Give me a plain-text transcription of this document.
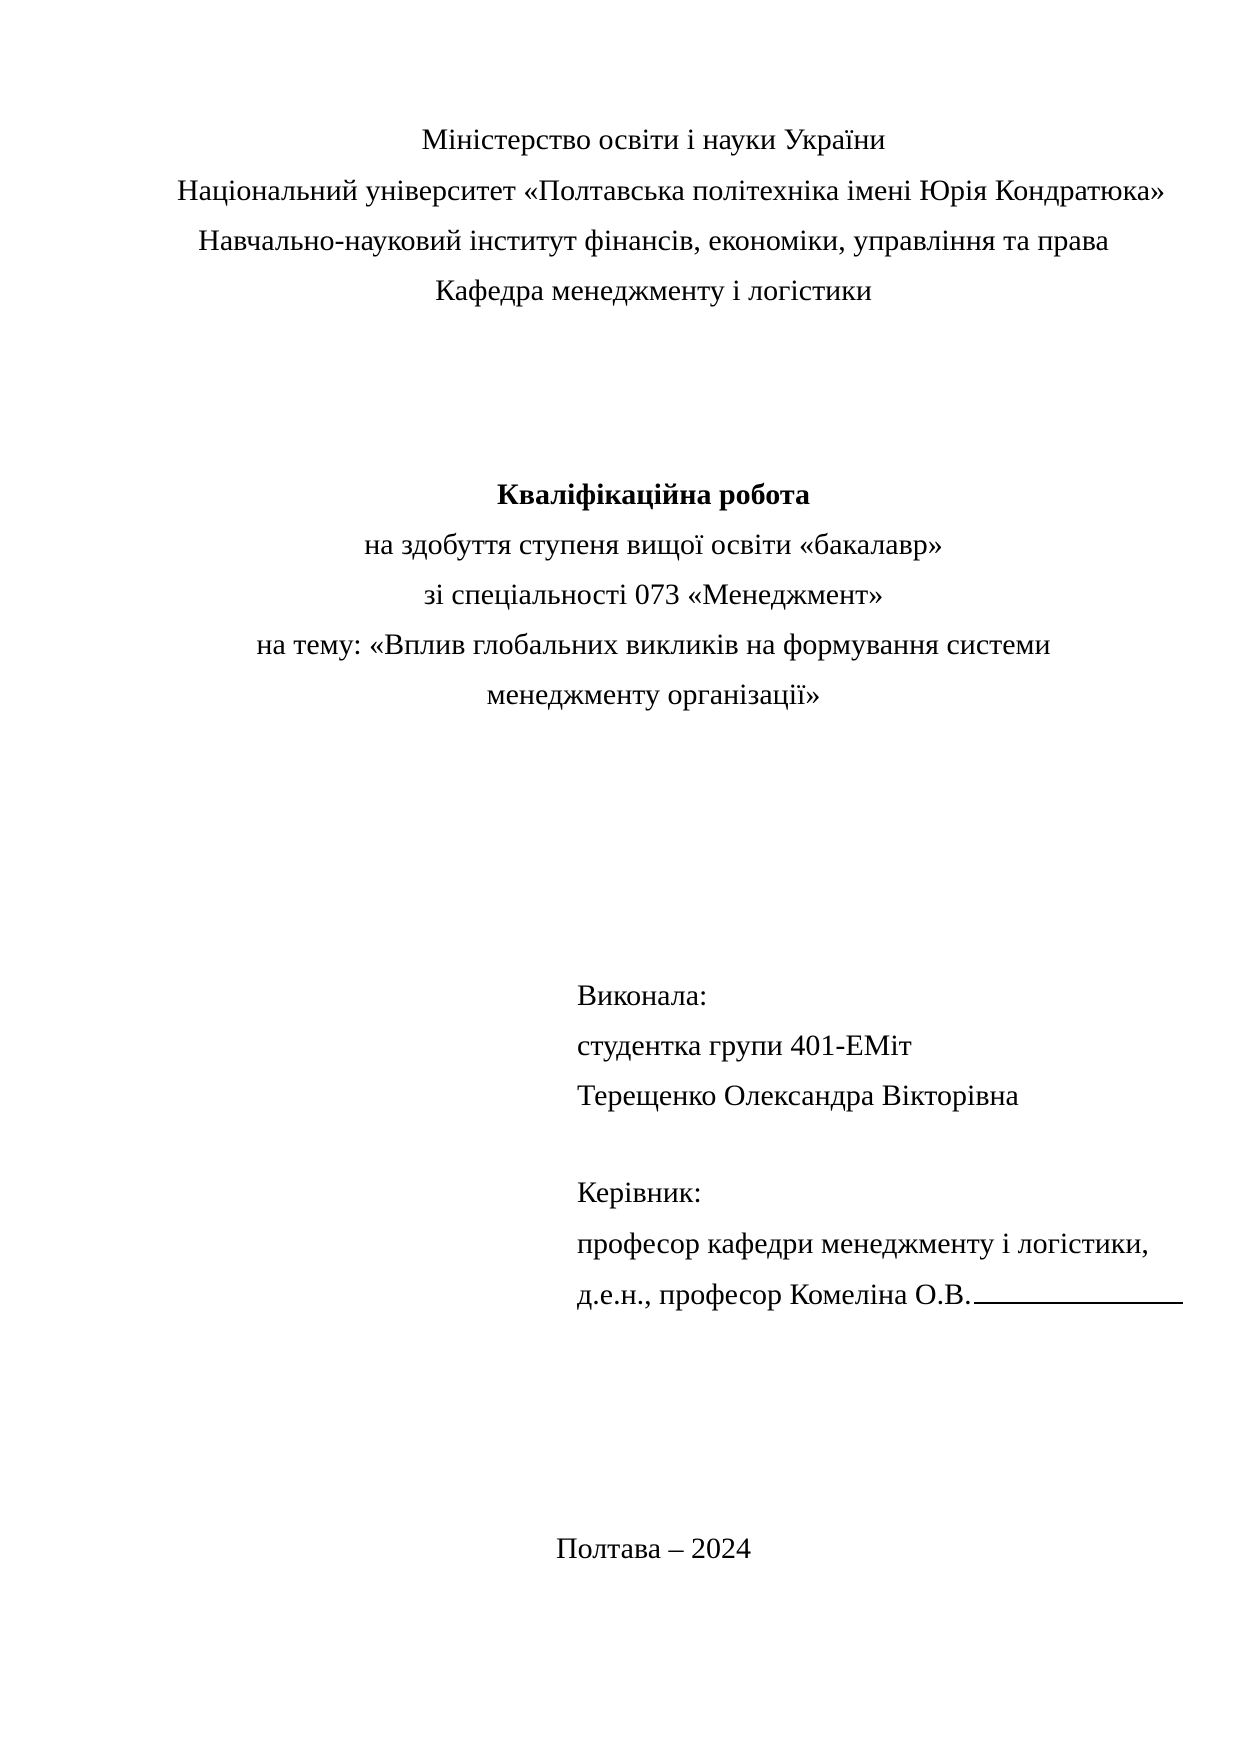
Міністерство освіти і науки України
Національний університет «Полтавська політехніка імені Юрія Кондратюка»
Навчально-науковий інститут фінансів, економіки, управління та права
Кафедра менеджменту і логістики
Кваліфікаційна робота
на здобуття ступеня вищої освіти «бакалавр»
зі спеціальності 073 «Менеджмент»
на тему: «Вплив глобальних викликів на формування системи
менеджменту організації»
Виконала:
студентка групи 401-ЕМіт
Терещенко Олександра Вікторівна
Керівник:
професор кафедри менеджменту і логістики,
д.е.н., професор Комеліна О.В.
Полтава – 2024
